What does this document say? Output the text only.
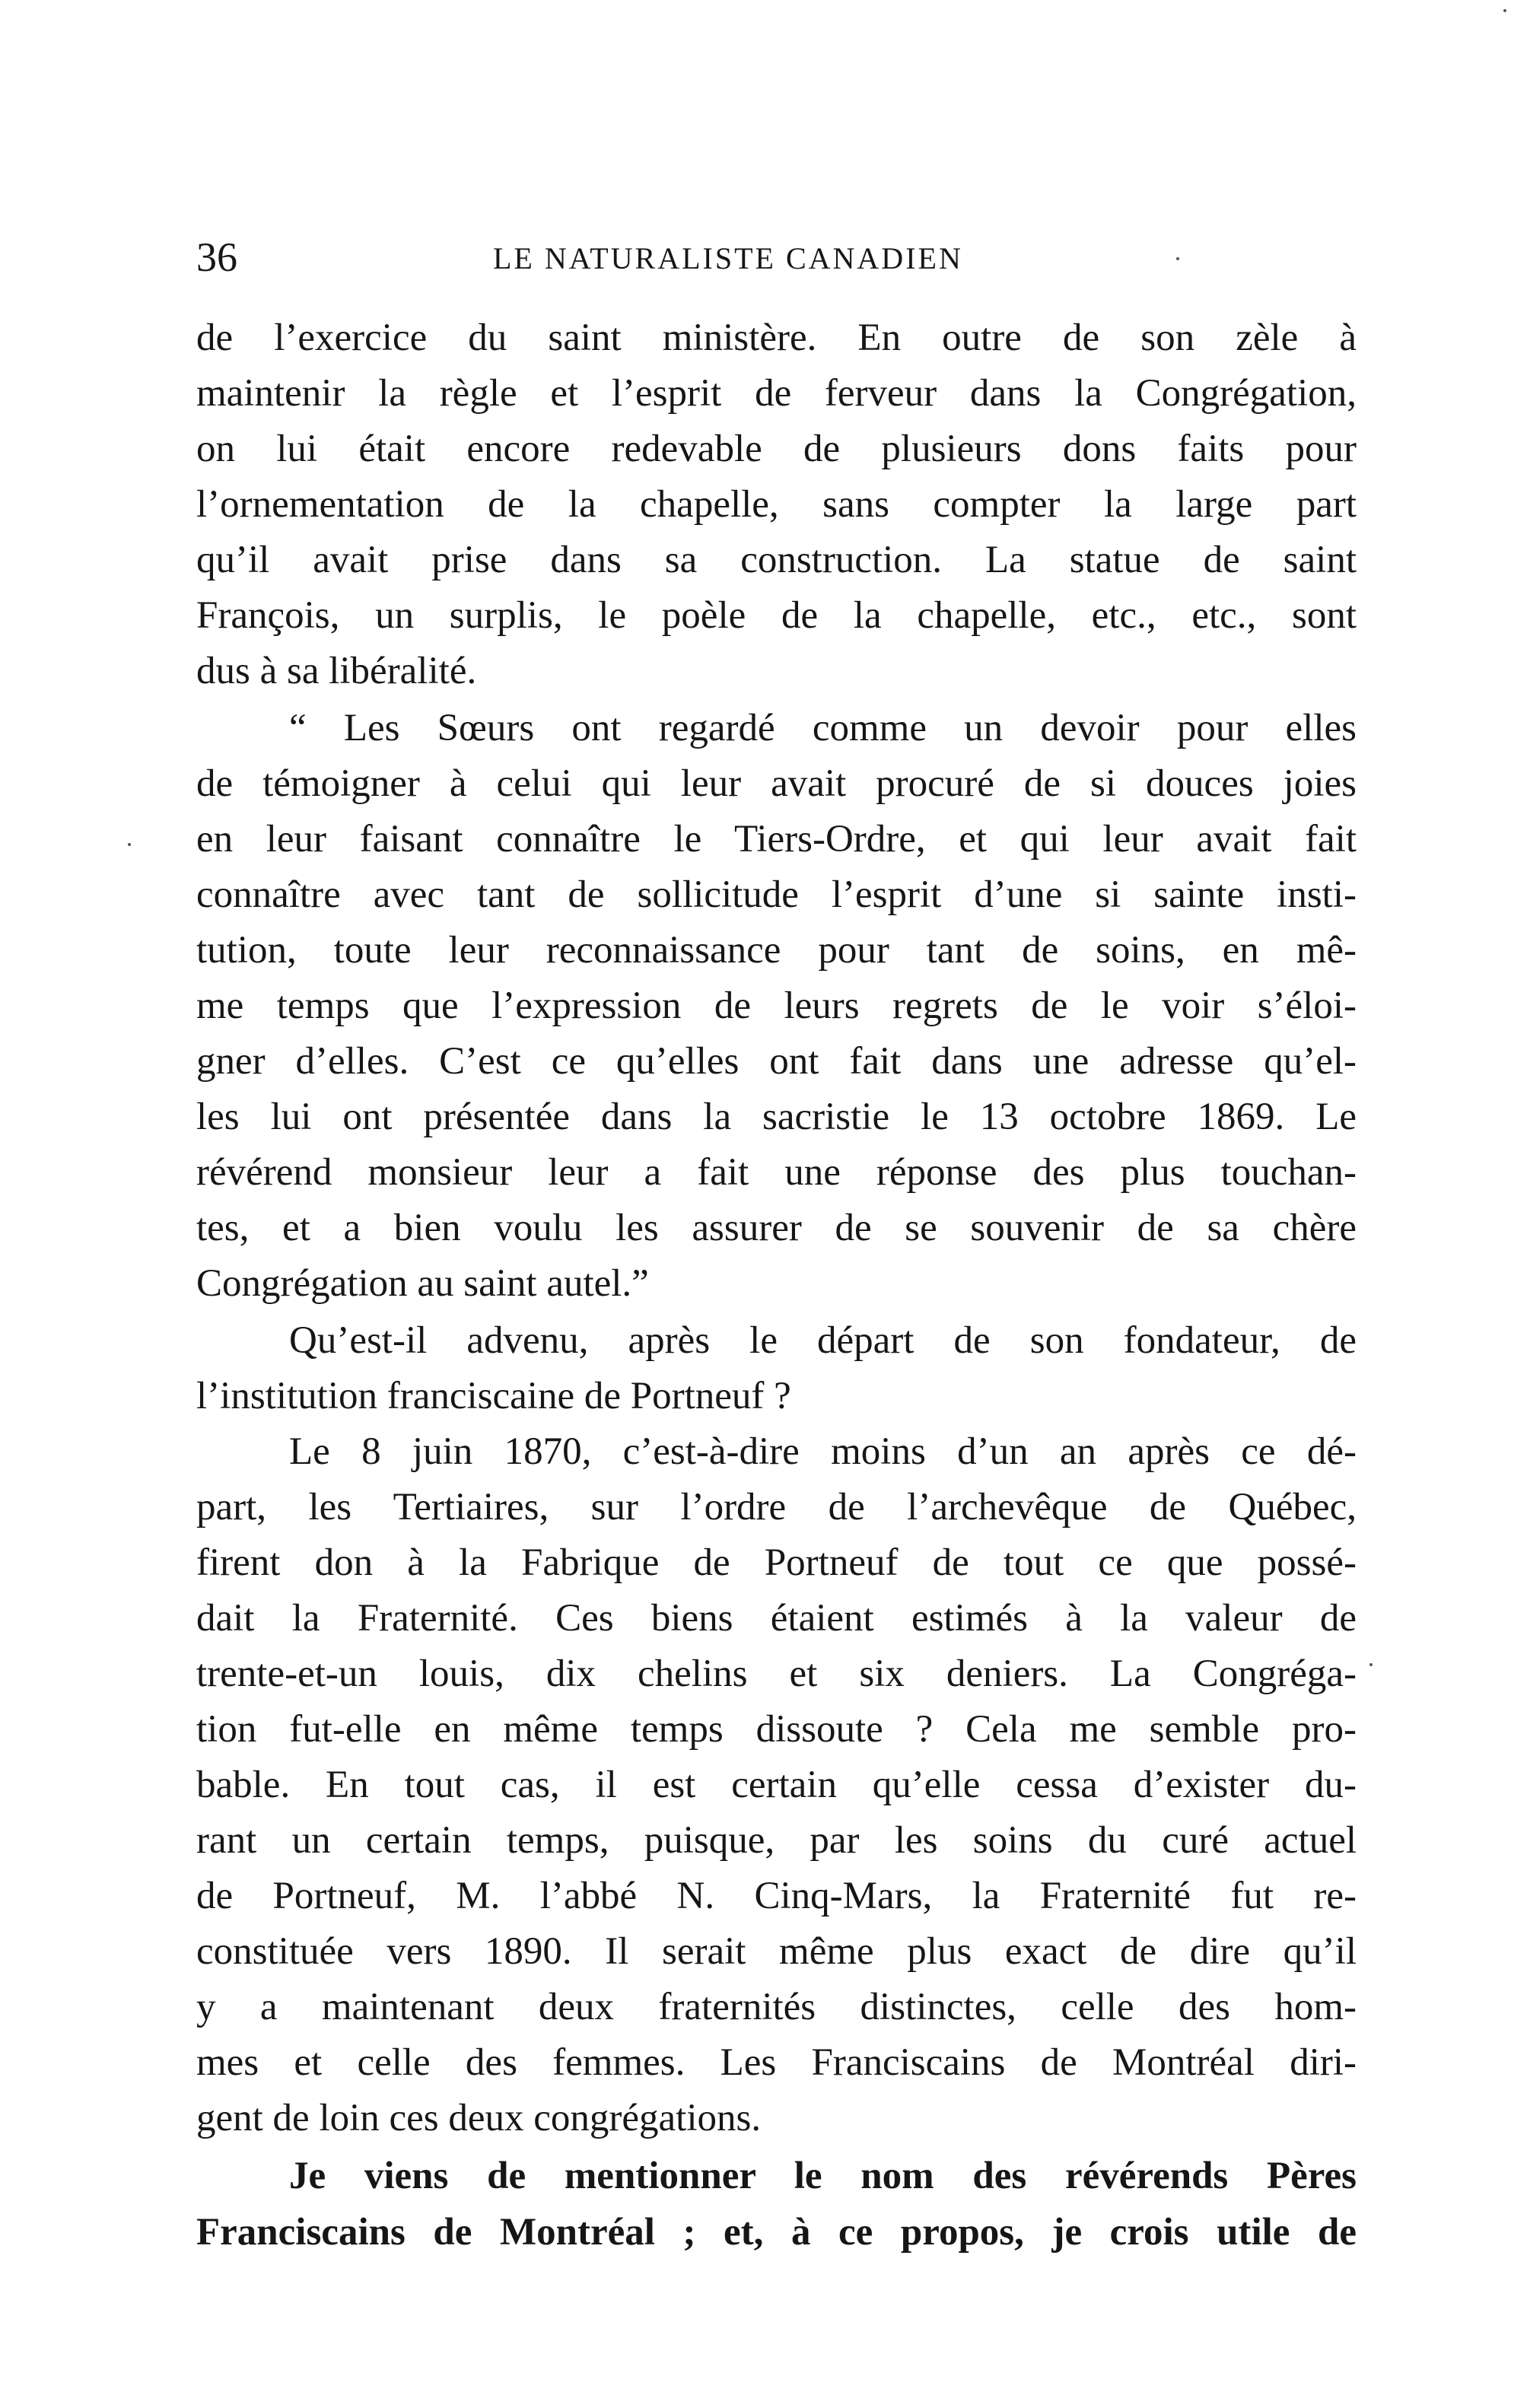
36	LE NATURALISTE CANADIEN

de l’exercice du saint ministère. En outre de son zèle à
maintenir la règle et l’esprit de ferveur dans la Congrégation,
on lui était encore redevable de plusieurs dons faits pour
l’ornementation de la chapelle, sans compter la large part
qu’il avait prise dans sa construction. La statue de saint
François, un surplis, le poèle de la chapelle, etc., etc., sont
dus à sa libéralité.

“ Les Sœurs ont regardé comme un devoir pour elles
de témoigner à celui qui leur avait procuré de si douces joies
en leur faisant connaître le Tiers-Ordre, et qui leur avait fait
connaître avec tant de sollicitude l’esprit d’une si sainte insti-
tution, toute leur reconnaissance pour tant de soins, en mê-
me temps que l’expression de leurs regrets de le voir s’éloi-
gner d’elles. C’est ce qu’elles ont fait dans une adresse qu’el-
les lui ont présentée dans la sacristie le 13 octobre 1869. Le
révérend monsieur leur a fait une réponse des plus touchan-
tes, et a bien voulu les assurer de se souvenir de sa chère
Congrégation au saint autel.”

Qu’est-il advenu, après le départ de son fondateur, de
l’institution franciscaine de Portneuf ?

Le 8 juin 1870, c’est-à-dire moins d’un an après ce dé-
part, les Tertiaires, sur l’ordre de l’archevêque de Québec,
firent don à la Fabrique de Portneuf de tout ce que possé-
dait la Fraternité. Ces biens étaient estimés à la valeur de
trente-et-un louis, dix chelins et six deniers. La Congréga-
tion fut-elle en même temps dissoute ? Cela me semble pro-
bable. En tout cas, il est certain qu’elle cessa d’exister du-
rant un certain temps, puisque, par les soins du curé actuel
de Portneuf, M. l’abbé N. Cinq-Mars, la Fraternité fut re-
constituée vers 1890. Il serait même plus exact de dire qu’il
y a maintenant deux fraternités distinctes, celle des hom-
mes et celle des femmes. Les Franciscains de Montréal diri-
gent de loin ces deux congrégations.

Je viens de mentionner le nom des révérends Pères
Franciscains de Montréal ; et, à ce propos, je crois utile de
